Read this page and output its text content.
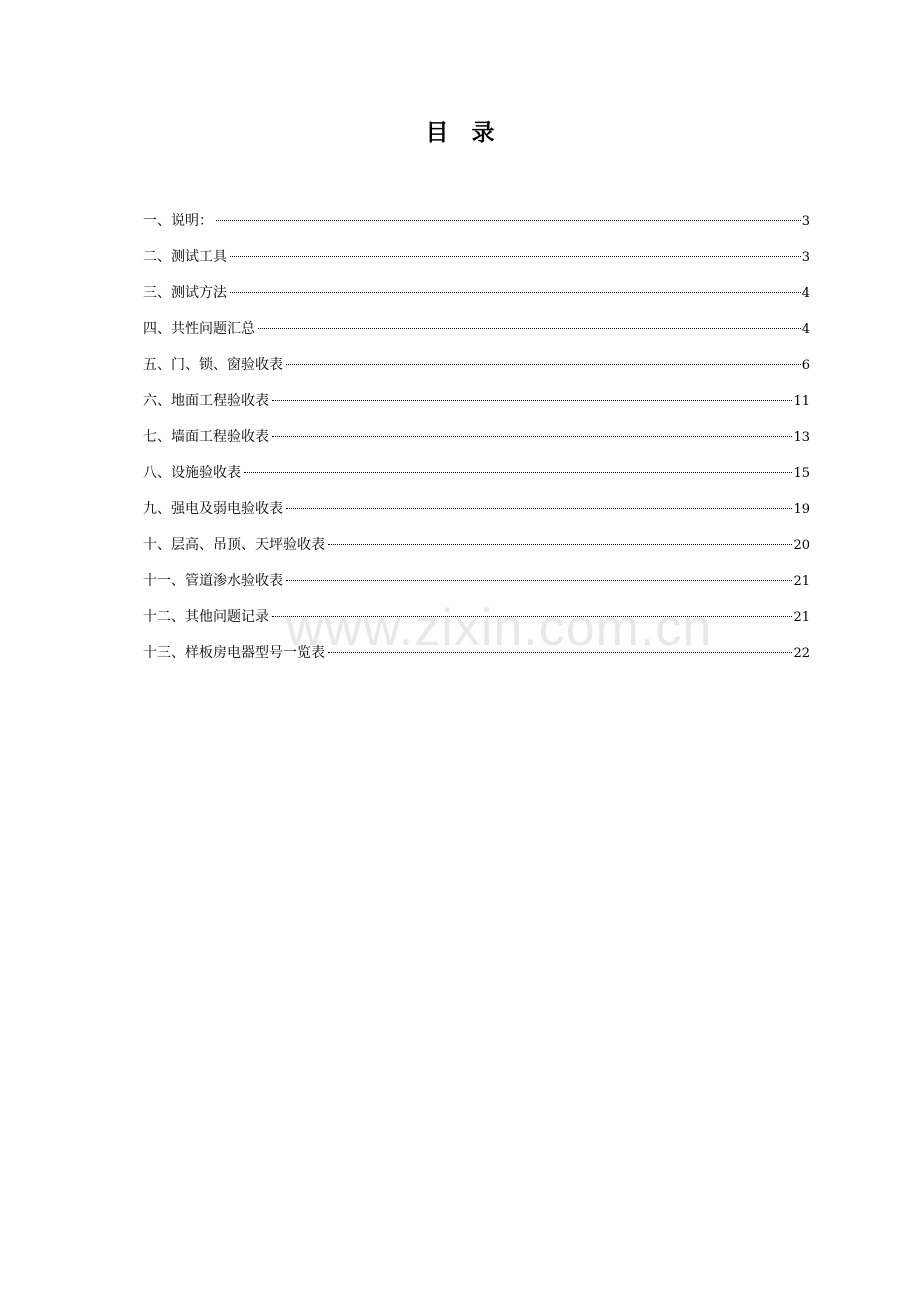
目　录
一、说明：	3
二、测试工具	3
三、测试方法	4
四、共性问题汇总	4
五、门、锁、窗验收表	6
六、地面工程验收表	11
七、墙面工程验收表	13
八、设施验收表	15
九、强电及弱电验收表	19
十、层高、吊顶、天坪验收表	20
十一、管道渗水验收表	21
十二、其他问题记录	21
十三、样板房电器型号一览表	22
www.zixin.com.cn
